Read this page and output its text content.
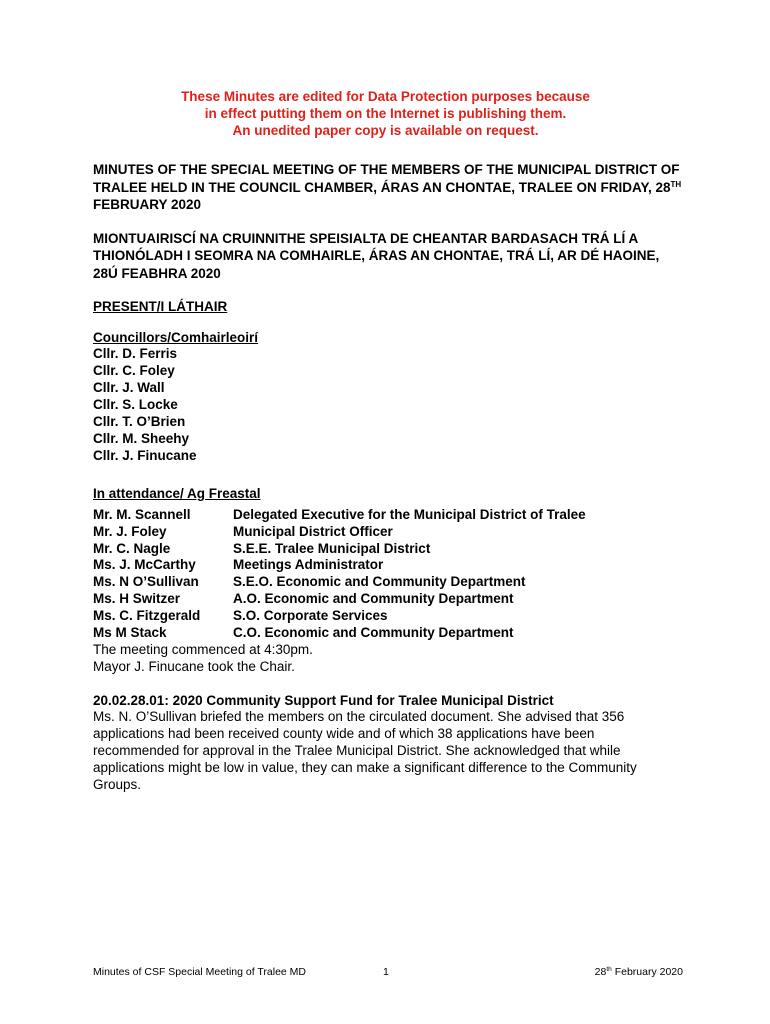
These Minutes are edited for Data Protection purposes because
in effect putting them on the Internet is publishing them.
An unedited paper copy is available on request.
MINUTES OF THE SPECIAL MEETING OF THE MEMBERS OF THE MUNICIPAL DISTRICT OF TRALEE HELD IN THE COUNCIL CHAMBER, ÁRAS AN CHONTAE, TRALEE ON FRIDAY, 28TH FEBRUARY 2020
MIONTUAIRISCÍ NA CRUINNITHE SPEISIALTA DE CHEANTAR BARDASACH TRÁ LÍ A THIONÓLADH I SEOMRA NA COMHAIRLE, ÁRAS AN CHONTAE, TRÁ LÍ, AR DÉ HAOINE, 28Ú FEABHRA 2020

PRESENT/I LÁTHAIR

Councillors/Comhairleoirí

Cllr. D. Ferris
Cllr. C. Foley
Cllr. J. Wall
Cllr. S. Locke
Cllr. T. O’Brien
Cllr. M. Sheehy
Cllr. J. Finucane

In attendance/ Ag Freastal

Mr. M. Scannell	Delegated Executive for the Municipal District of Tralee
Mr. J. Foley	Municipal District Officer
Mr. C. Nagle	S.E.E. Tralee Municipal District
Ms. J. McCarthy	Meetings Administrator
Ms. N O’Sullivan	S.E.O. Economic and Community Department
Ms. H Switzer	A.O. Economic and Community Department
Ms. C. Fitzgerald	S.O. Corporate Services
Ms M Stack	C.O. Economic and Community Department

The meeting commenced at 4:30pm.

Mayor J. Finucane took the Chair.

20.02.28.01: 2020 Community Support Fund for Tralee Municipal District

Ms. N. O’Sullivan briefed the members on the circulated document. She advised that 356 applications had been received county wide and of which 38 applications have been recommended for approval in the Tralee Municipal District. She acknowledged that while applications might be low in value, they can make a significant difference to the Community Groups.

Minutes of CSF Special Meeting of Tralee MD	1	28th February 2020
